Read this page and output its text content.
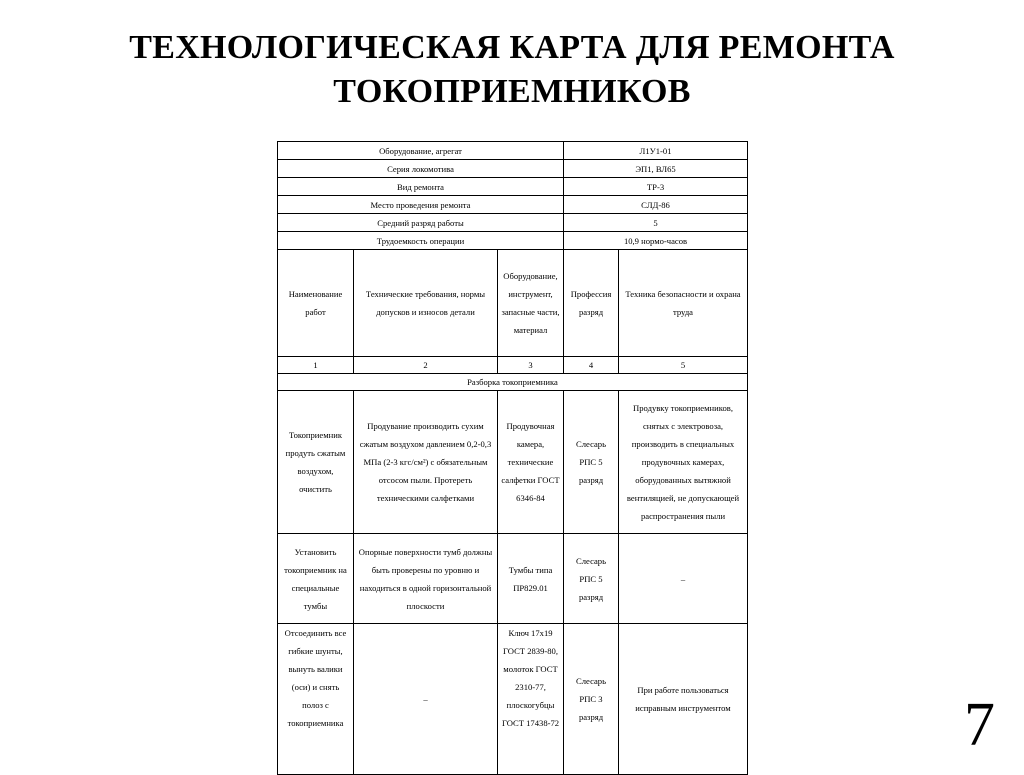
ТЕХНОЛОГИЧЕСКАЯ КАРТА ДЛЯ РЕМОНТА
ТОКОПРИЕМНИКОВ
Оборудование, агрегат			Л1У1-01	
Серия локомотива			ЭП1, ВЛ65	
Вид ремонта			ТР-3	
Место проведения ремонта			СЛД-86	
Средний разряд работы			5	
Трудоемкость операции			10,9 нормо-часов	
Наименование работ	Технические требования, нормы допусков и износов детали	Оборудование, инструмент, запасные части, материал	Профессия разряд	Техника безопасности и охрана труда
1	2	3	4	5
Разборка токоприемника				
Токоприемник продуть сжатым воздухом, очистить	Продувание производить сухим сжатым воздухом давлением 0,2-0,3 МПа (2-3 кгс/см²) с обязательным отсосом пыли. Протереть техническими салфетками	Продувочная камера, технические салфетки ГОСТ 6346-84	Слесарь РПС 5 разряд	Продувку токоприемников, снятых с электровоза, производить в специальных продувочных камерах, оборудованных вытяжной вентиляцией, не допускающей распространения пыли
Установить токоприемник на специальные тумбы	Опорные поверхности тумб должны быть проверены по уровню и находиться в одной горизонтальной плоскости	Тумбы типа ПР829.01	Слесарь РПС 5 разряд	–
Отсоединить все гибкие шунты, вынуть валики (оси) и снять полоз с токоприемника	–	Ключ 17x19 ГОСТ 2839-80, молоток ГОСТ 2310-77, плоскогубцы ГОСТ 17438-72	Слесарь РПС 3 разряд	При работе пользоваться исправным инструментом	7
